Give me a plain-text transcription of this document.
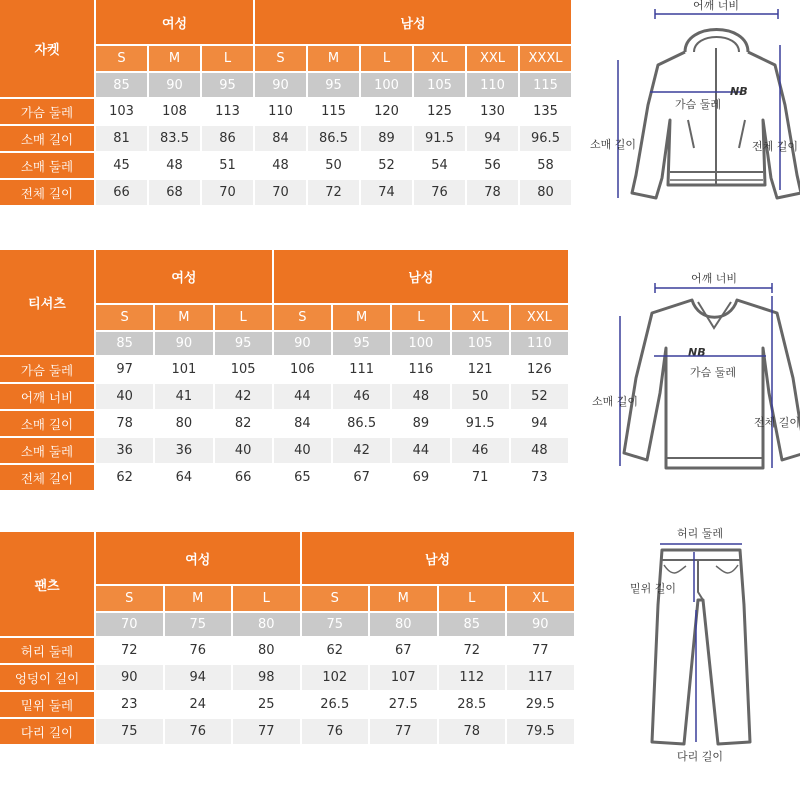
자켓
여성	남성
S	M	L	S	M	L	XL	XXL	XXXL
85	90	95	90	95	100	105	110	115
가슴 둘레	103	108	113	110	115	120	125	130	135
소매 길이	81	83.5	86	84	86.5	89	91.5	94	96.5
소매 둘레	45	48	51	48	50	52	54	56	58
전체 길이	66	68	70	70	72	74	76	78	80
티셔츠
여성	남성
S	M	L	S	M	L	XL	XXL
85	90	95	90	95	100	105	110
가슴 둘레	97	101	105	106	111	116	121	126
어깨 너비	40	41	42	44	46	48	50	52
소매 길이	78	80	82	84	86.5	89	91.5	94
소매 둘레	36	36	40	40	42	44	46	48
전체 길이	62	64	66	65	67	69	71	73
팬츠
여성	남성
S	M	L	S	M	L	XL
70	75	80	75	80	85	90
허리 둘레	72	76	80	62	67	72	77
엉덩이 길이	90	94	98	102	107	112	117
밑위 둘레	23	24	25	26.5	27.5	28.5	29.5
다리 길이	75	76	77	76	77	78	79.5
어깨 너비
가슴 둘레
NB
소매 길이	전체 길이
어깨 너비
NB
가슴 둘레
소매 길이
전체 길이
허리 둘레
밑위 길이
다리 길이
